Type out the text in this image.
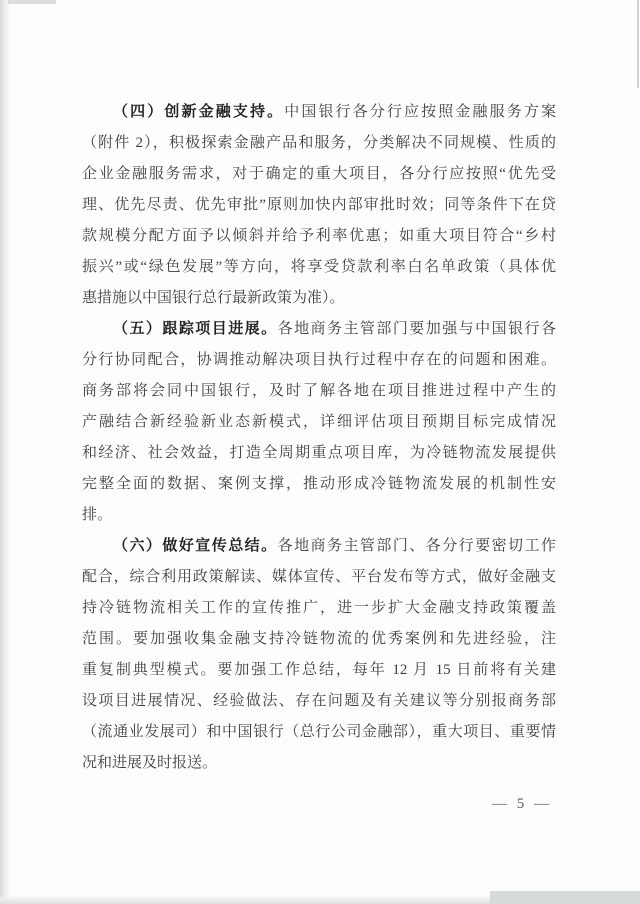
（四）创新金融支持。中国银行各分行应按照金融服务方案
（附件 2），积极探索金融产品和服务，分类解决不同规模、性质的
企业金融服务需求，对于确定的重大项目，各分行应按照“优先受
理、优先尽责、优先审批”原则加快内部审批时效；同等条件下在贷
款规模分配方面予以倾斜并给予利率优惠；如重大项目符合“乡村
振兴”或“绿色发展”等方向，将享受贷款利率白名单政策（具体优
惠措施以中国银行总行最新政策为准）。

（五）跟踪项目进展。各地商务主管部门要加强与中国银行各
分行协同配合，协调推动解决项目执行过程中存在的问题和困难。
商务部将会同中国银行，及时了解各地在项目推进过程中产生的
产融结合新经验新业态新模式，详细评估项目预期目标完成情况
和经济、社会效益，打造全周期重点项目库，为冷链物流发展提供
完整全面的数据、案例支撑，推动形成冷链物流发展的机制性安
排。

（六）做好宣传总结。各地商务主管部门、各分行要密切工作
配合，综合利用政策解读、媒体宣传、平台发布等方式，做好金融支
持冷链物流相关工作的宣传推广，进一步扩大金融支持政策覆盖
范围。要加强收集金融支持冷链物流的优秀案例和先进经验，注
重复制典型模式。要加强工作总结，每年 12 月 15 日前将有关建
设项目进展情况、经验做法、存在问题及有关建议等分别报商务部
（流通业发展司）和中国银行（总行公司金融部），重大项目、重要情
况和进展及时报送。

— 5 —
